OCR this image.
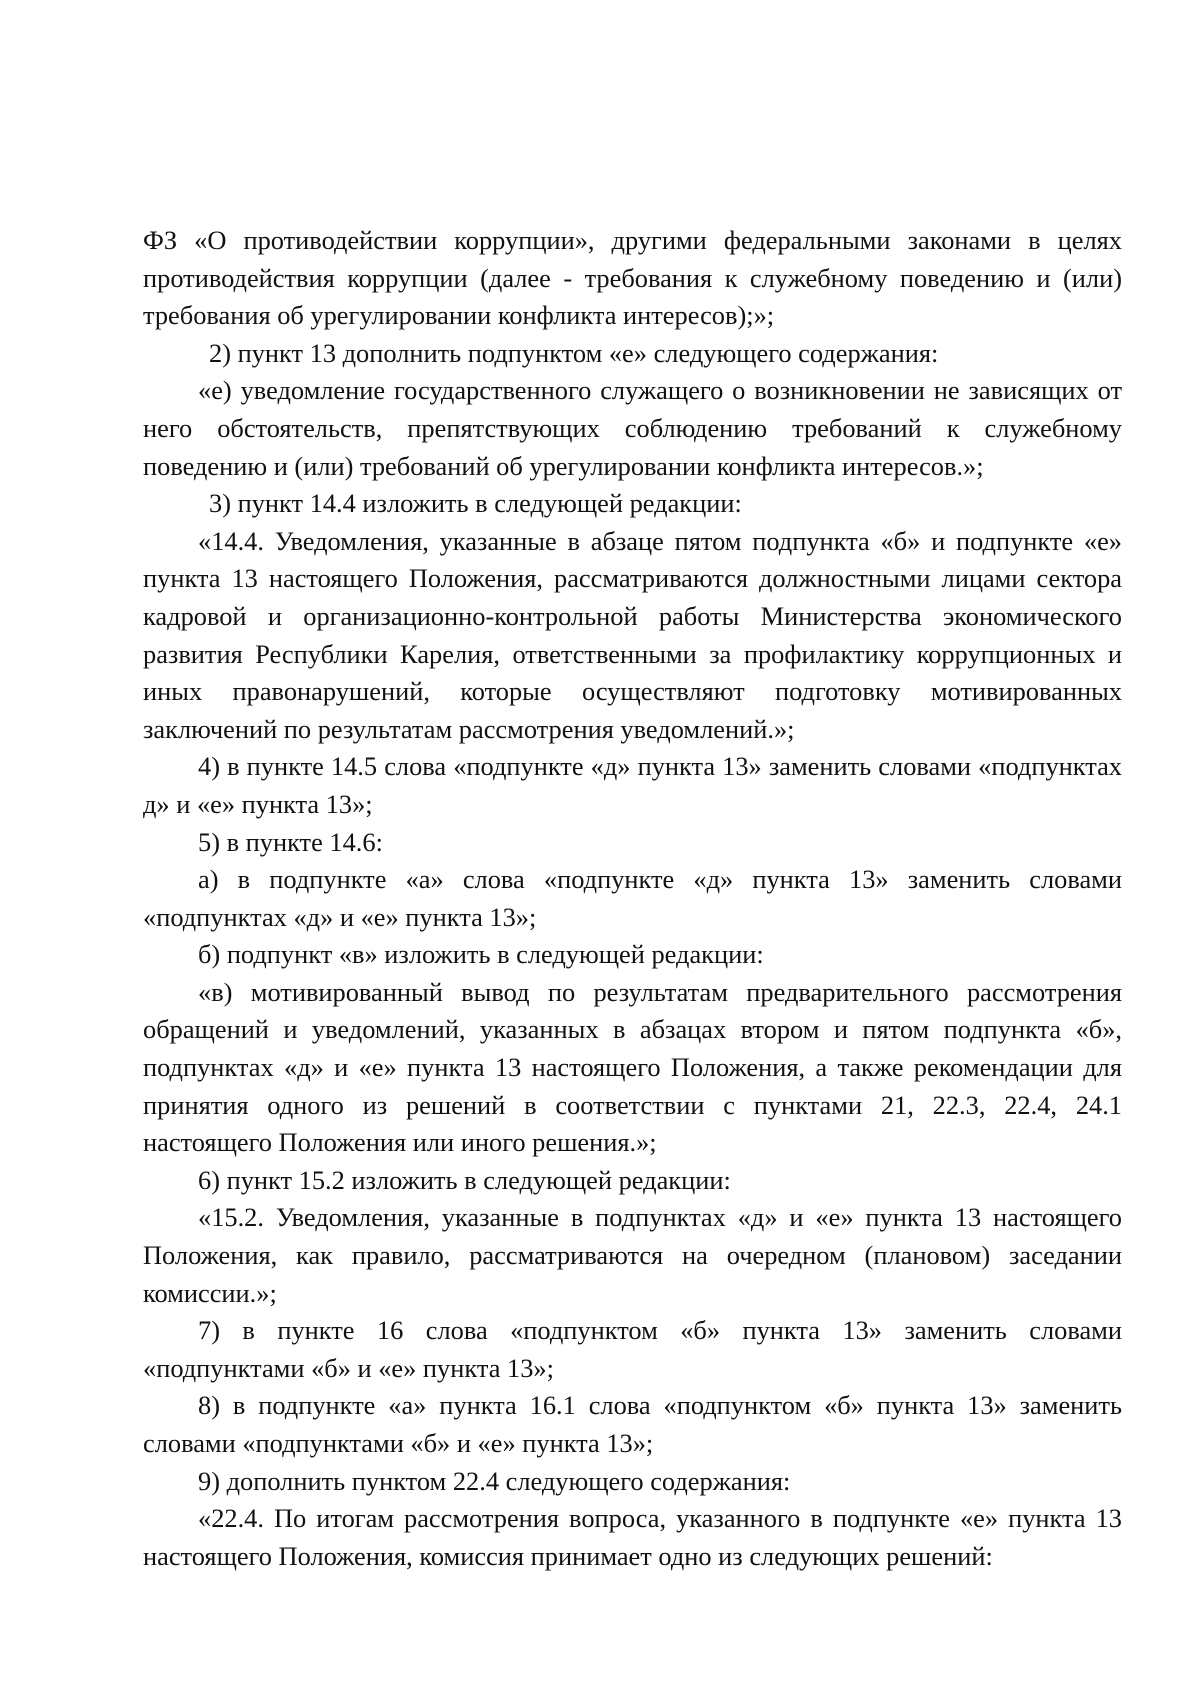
ФЗ «О противодействии коррупции», другими федеральными законами в целях противодействия коррупции (далее - требования к служебному поведению и (или) требования об урегулировании конфликта интересов);»;

2) пункт 13 дополнить подпунктом «е» следующего содержания:

«е) уведомление государственного служащего о возникновении не зависящих от него обстоятельств, препятствующих соблюдению требований к служебному поведению и (или) требований об урегулировании конфликта интересов.»;

3) пункт 14.4 изложить в следующей редакции:

«14.4. Уведомления, указанные в абзаце пятом подпункта «б» и подпункте «е» пункта 13 настоящего Положения, рассматриваются должностными лицами сектора кадровой и организационно-контрольной работы Министерства экономического развития Республики Карелия, ответственными за профилактику коррупционных и иных правонарушений, которые осуществляют подготовку мотивированных заключений по результатам рассмотрения уведомлений.»;

4) в пункте 14.5 слова «подпункте «д» пункта 13» заменить словами «подпунктах д» и «е» пункта 13»;

5) в пункте 14.6:

а) в подпункте «а» слова «подпункте «д» пункта 13» заменить словами «подпунктах «д» и «е» пункта 13»;

б) подпункт «в» изложить в следующей редакции:

«в) мотивированный вывод по результатам предварительного рассмотрения обращений и уведомлений, указанных в абзацах втором и пятом подпункта «б», подпунктах «д» и «е» пункта 13 настоящего Положения, а также рекомендации для принятия одного из решений в соответствии с пунктами 21, 22.3, 22.4, 24.1 настоящего Положения или иного решения.»;

6) пункт 15.2 изложить в следующей редакции:

«15.2. Уведомления, указанные в подпунктах «д» и «е» пункта 13 настоящего Положения, как правило, рассматриваются на очередном (плановом) заседании комиссии.»;

7) в пункте 16 слова «подпунктом «б» пункта 13» заменить словами «подпунктами «б» и «е» пункта 13»;

8) в подпункте «а» пункта 16.1 слова «подпунктом «б» пункта 13» заменить словами «подпунктами «б» и «е» пункта 13»;

9) дополнить пунктом 22.4 следующего содержания:

«22.4. По итогам рассмотрения вопроса, указанного в подпункте «е» пункта 13 настоящего Положения, комиссия принимает одно из следующих решений:
